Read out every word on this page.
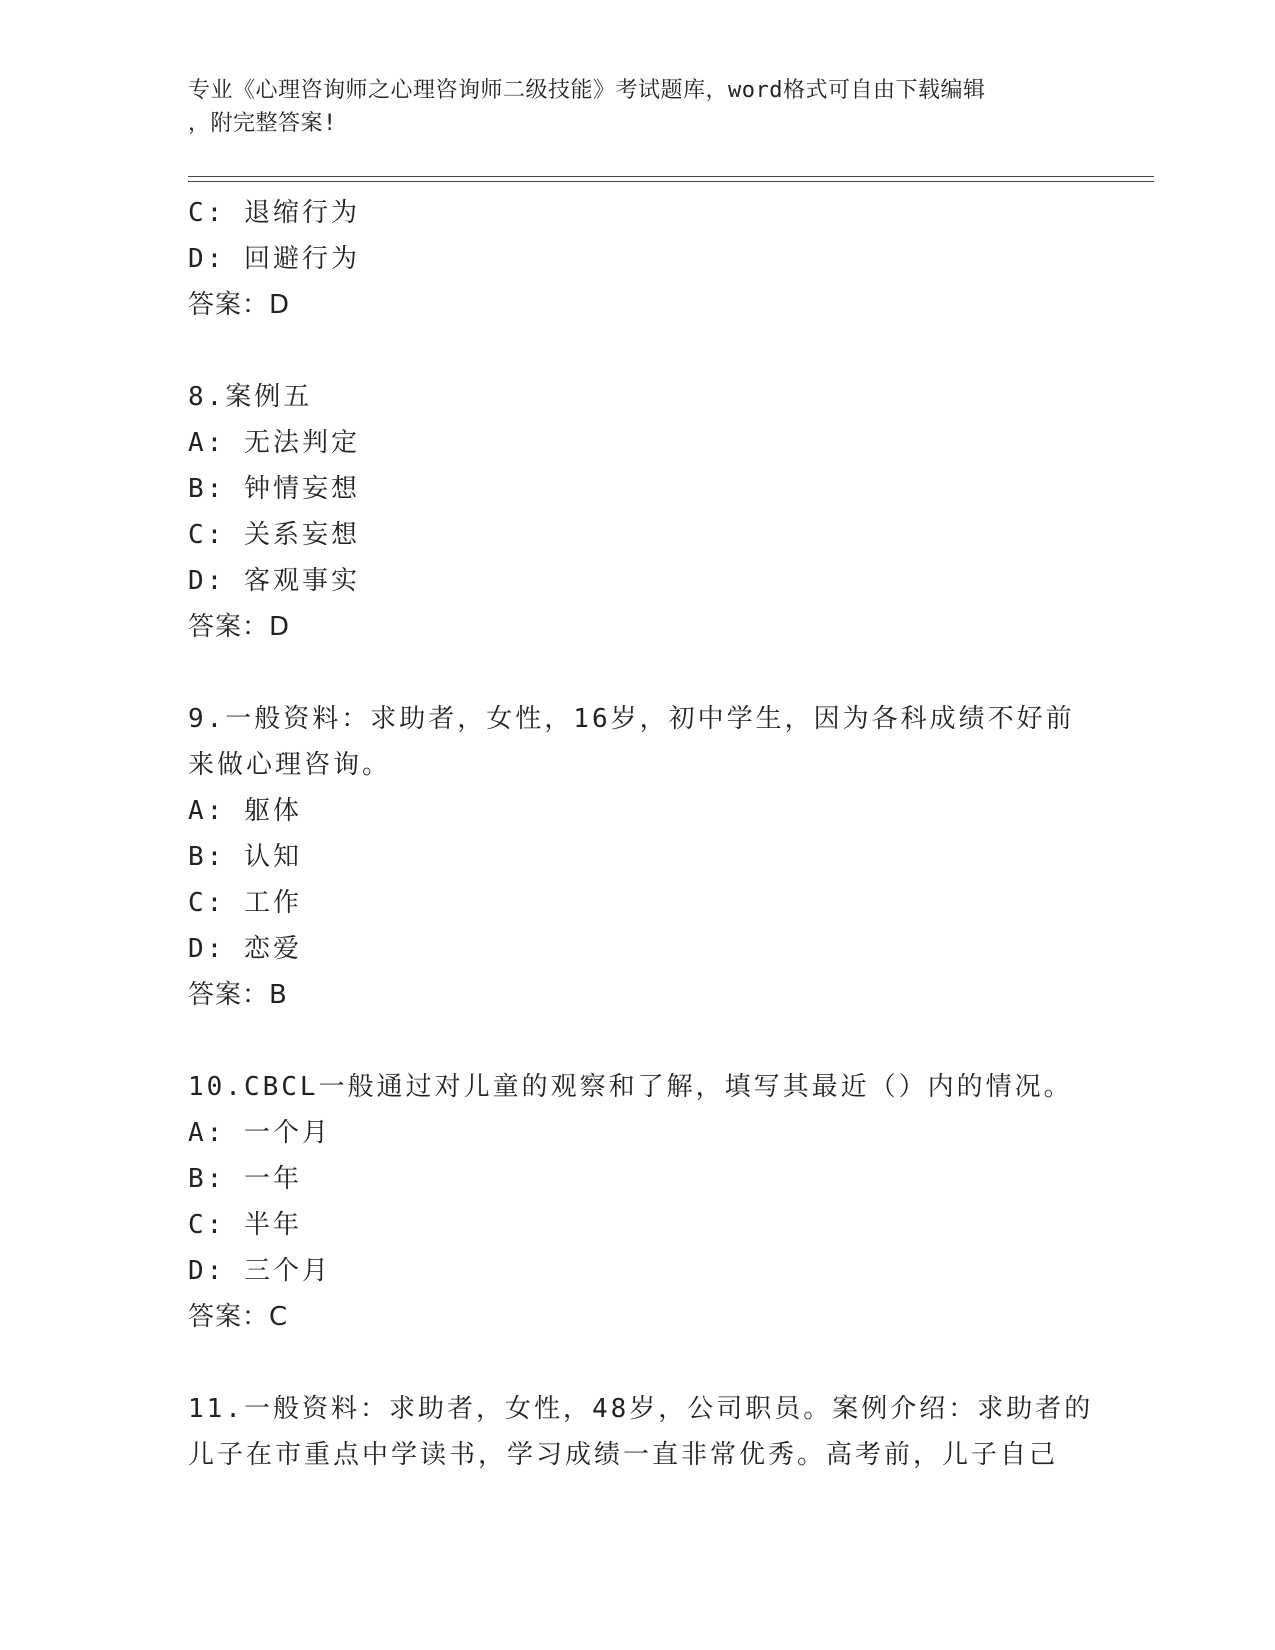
专业《心理咨询师之心理咨询师二级技能》考试题库，word格式可自由下载编辑
，附完整答案!
C: 退缩行为
D: 回避行为
答案：D
8.案例五
A: 无法判定
B: 钟情妄想
C: 关系妄想
D: 客观事实
答案：D
9.一般资料：求助者，女性，16岁，初中学生，因为各科成绩不好前
来做心理咨询。
A: 躯体
B: 认知
C: 工作
D: 恋爱
答案：B
10.CBCL一般通过对儿童的观察和了解，填写其最近（）内的情况。
A: 一个月
B: 一年
C: 半年
D: 三个月
答案：C
11.一般资料：求助者，女性，48岁，公司职员。案例介绍：求助者的
儿子在市重点中学读书，学习成绩一直非常优秀。高考前，儿子自己
